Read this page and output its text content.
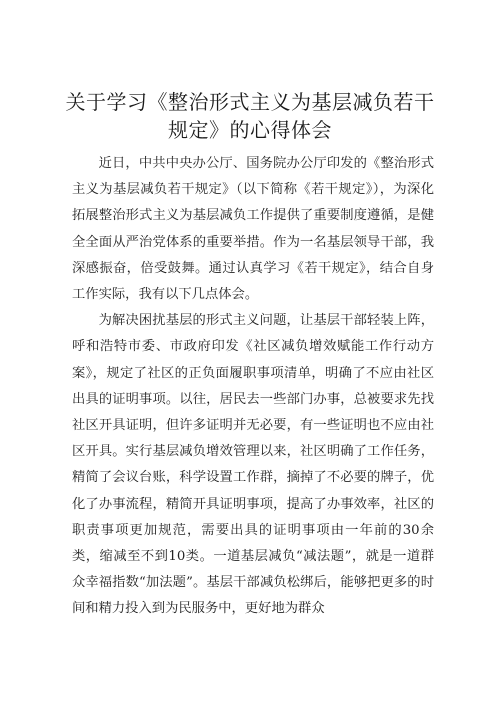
关于学习《整治形式主义为基层减负若干规定》的心得体会

近日，中共中央办公厅、国务院办公厅印发的《整治形式主义为基层减负若干规定》（以下简称《若干规定》），为深化拓展整治形式主义为基层减负工作提供了重要制度遵循，是健全全面从严治党体系的重要举措。作为一名基层领导干部，我深感振奋，倍受鼓舞。通过认真学习《若干规定》，结合自身工作实际，我有以下几点体会。

为解决困扰基层的形式主义问题，让基层干部轻装上阵，呼和浩特市委、市政府印发《社区减负增效赋能工作行动方案》，规定了社区的正负面履职事项清单，明确了不应由社区出具的证明事项。以往，居民去一些部门办事，总被要求先找社区开具证明，但许多证明并无必要，有一些证明也不应由社区开具。实行基层减负增效管理以来，社区明确了工作任务，精简了会议台账，科学设置工作群，摘掉了不必要的牌子，优化了办事流程，精简开具证明事项，提高了办事效率，社区的职责事项更加规范，需要出具的证明事项由一年前的30余类，缩减至不到10类。一道基层减负“减法题”，就是一道群众幸福指数“加法题”。基层干部减负松绑后，能够把更多的时间和精力投入到为民服务中，更好地为群众
